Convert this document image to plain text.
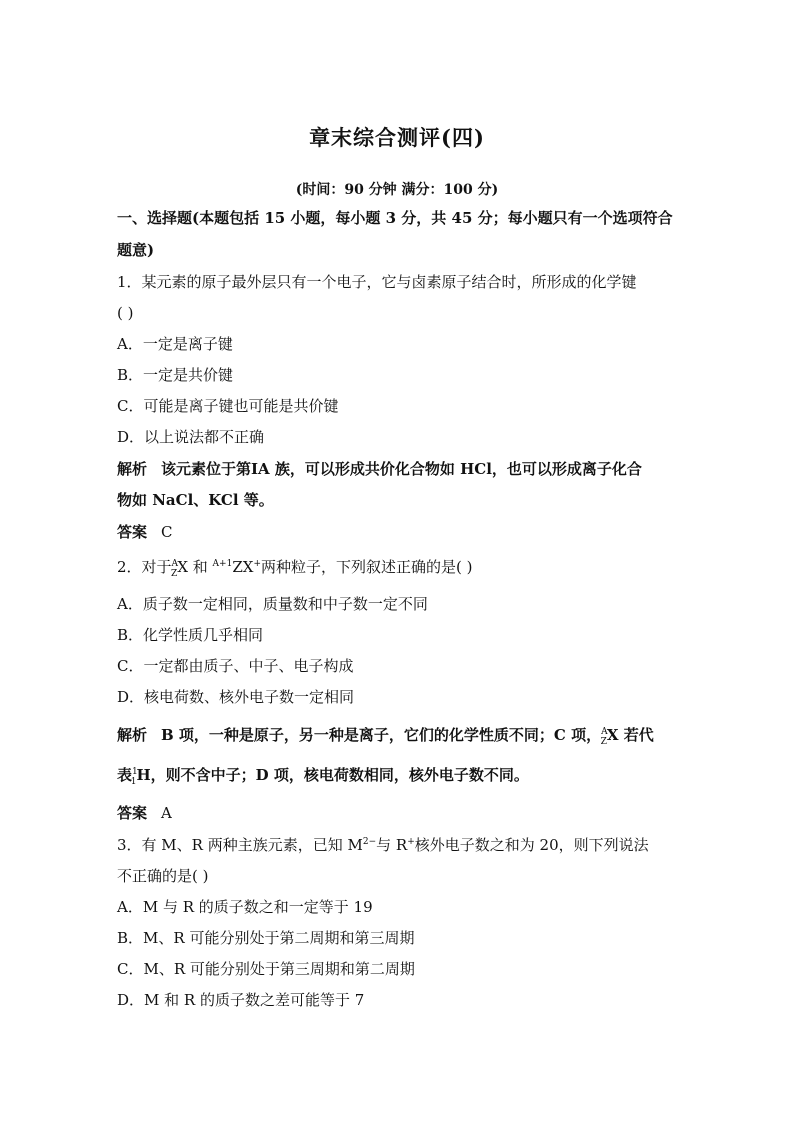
章末综合测评(四)
(时间：90 分钟 满分：100 分)
一、选择题(本题包括 15 小题，每小题 3 分，共 45 分；每小题只有一个选项符合
题意)
1．某元素的原子最外层只有一个电子，它与卤素原子结合时，所形成的化学键
( )
A．一定是离子键
B．一定是共价键
C．可能是离子键也可能是共价键
D．以上说法都不正确
解析 该元素位于第ⅠA 族，可以形成共价化合物如 HCl，也可以形成离子化合
物如 NaCl、KCl 等。
答案 C
2．对于$^A_Z$X 和 $^{A+1}$ZX+两种粒子，下列叙述正确的是( )
A．质子数一定相同，质量数和中子数一定不同
B．化学性质几乎相同
C．一定都由质子、中子、电子构成
D．核电荷数、核外电子数一定相同
解析 B 项，一种是原子，另一种是离子，它们的化学性质不同；C 项，$^A_Z$X 若代
表$^1_1$H，则不含中子；D 项，核电荷数相同，核外电子数不同。
答案 A
3．有 M、R 两种主族元素，已知 $M^{2-}$与 R+核外电子数之和为 20，则下列说法
不正确的是( )
A．M 与 R 的质子数之和一定等于 19
B．M、R 可能分别处于第二周期和第三周期
C．M、R 可能分别处于第三周期和第二周期
D．M 和 R 的质子数之差可能等于 7
